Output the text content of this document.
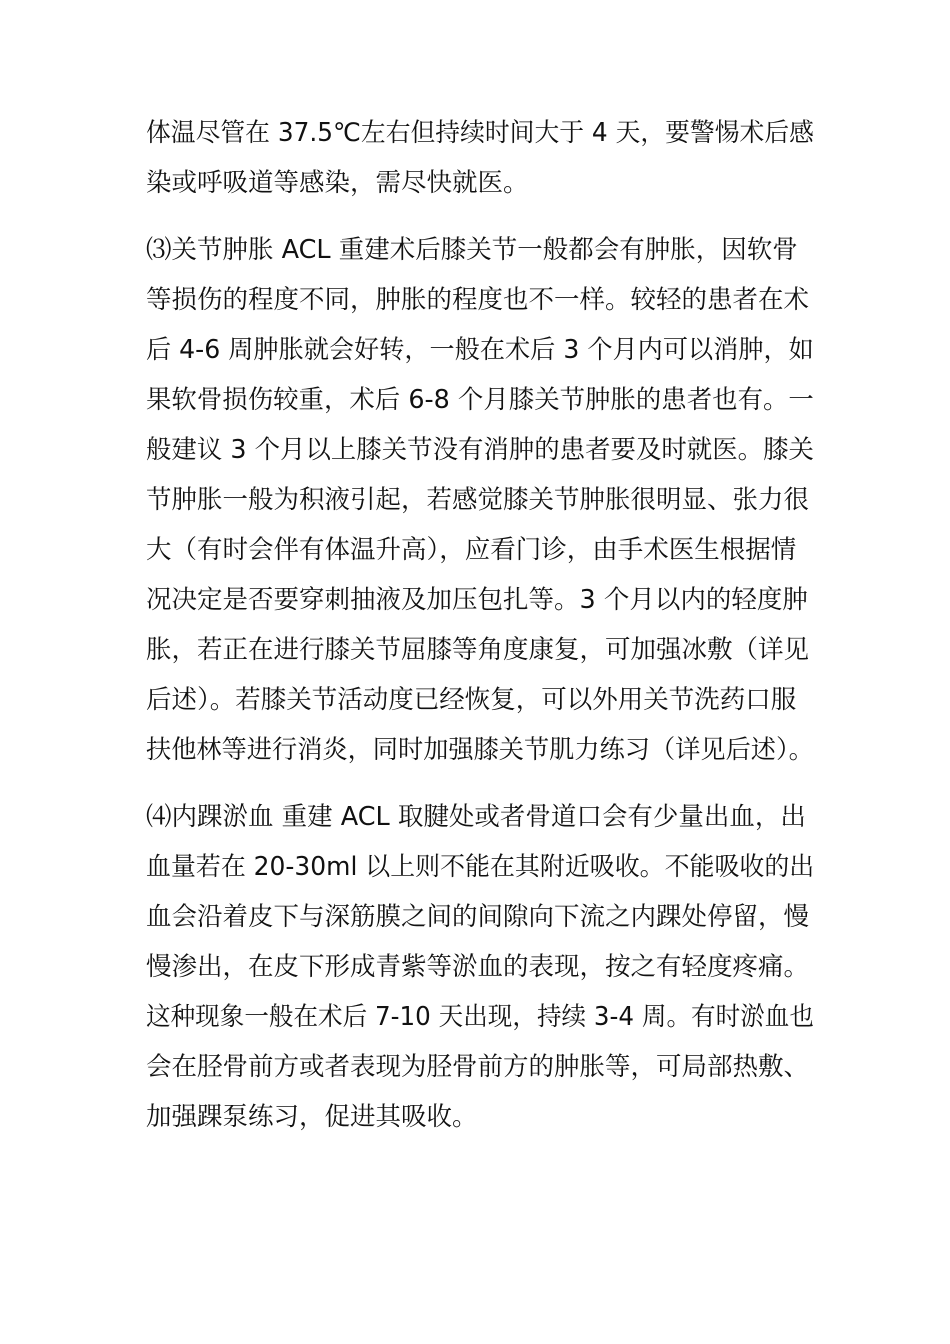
体温尽管在 37.5℃左右但持续时间大于 4 天，要警惕术后感
染或呼吸道等感染，需尽快就医。
⑶关节肿胀 ACL 重建术后膝关节一般都会有肿胀，因软骨
等损伤的程度不同，肿胀的程度也不一样。较轻的患者在术
后 4-6 周肿胀就会好转，一般在术后 3 个月内可以消肿，如
果软骨损伤较重，术后 6-8 个月膝关节肿胀的患者也有。一
般建议 3 个月以上膝关节没有消肿的患者要及时就医。膝关
节肿胀一般为积液引起，若感觉膝关节肿胀很明显、张力很
大（有时会伴有体温升高），应看门诊，由手术医生根据情
况决定是否要穿刺抽液及加压包扎等。3 个月以内的轻度肿
胀，若正在进行膝关节屈膝等角度康复，可加强冰敷（详见
后述）。若膝关节活动度已经恢复，可以外用关节洗药口服
扶他林等进行消炎，同时加强膝关节肌力练习（详见后述）。
⑷内踝淤血 重建 ACL 取腱处或者骨道口会有少量出血，出
血量若在 20-30ml 以上则不能在其附近吸收。不能吸收的出
血会沿着皮下与深筋膜之间的间隙向下流之内踝处停留，慢
慢渗出，在皮下形成青紫等淤血的表现，按之有轻度疼痛。
这种现象一般在术后 7-10 天出现，持续 3-4 周。有时淤血也
会在胫骨前方或者表现为胫骨前方的肿胀等，可局部热敷、
加强踝泵练习，促进其吸收。
